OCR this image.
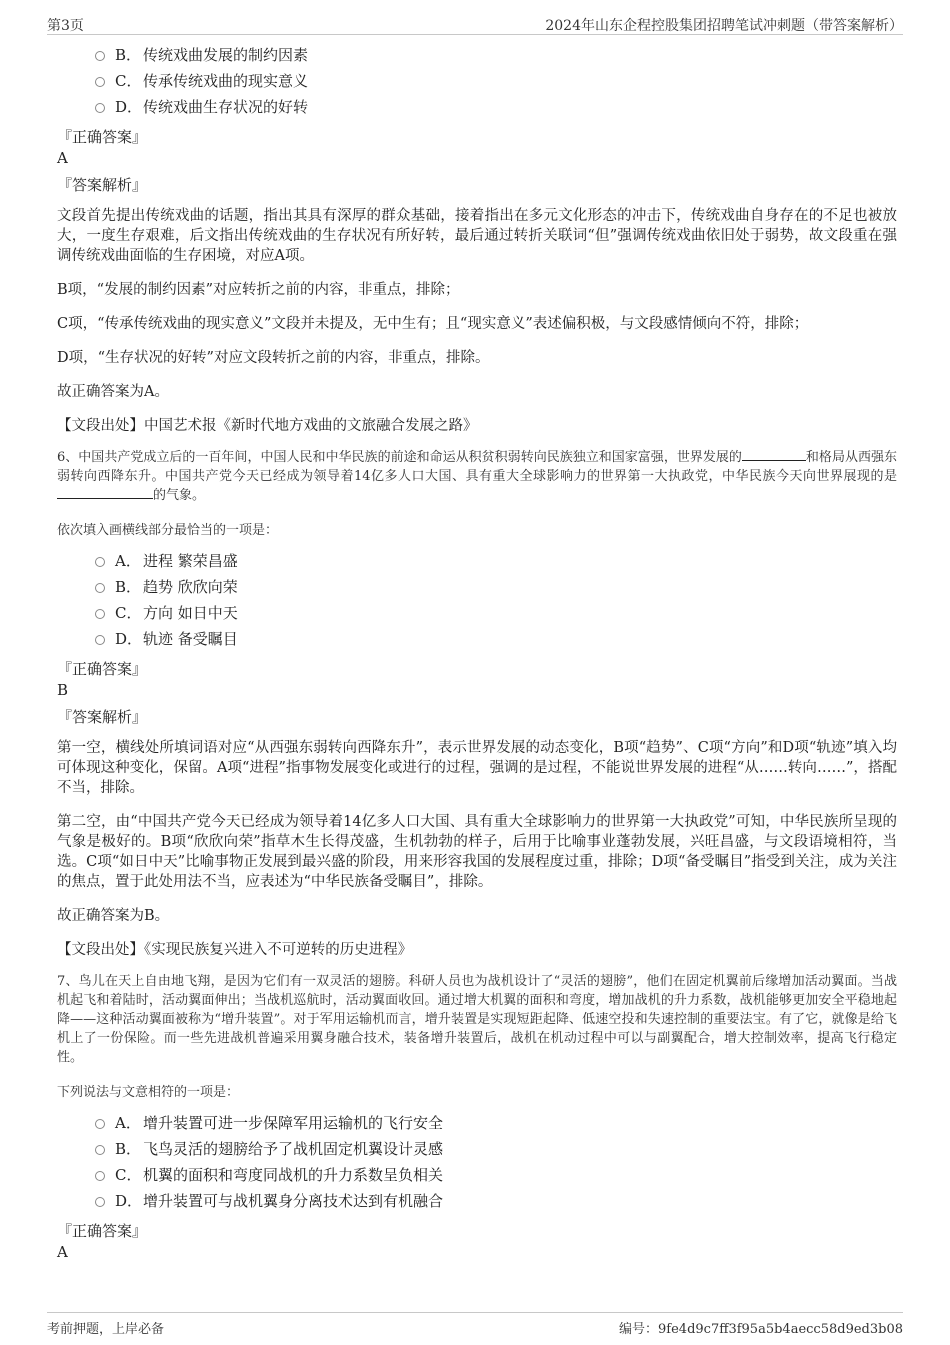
第3页	2024年山东企程控股集团招聘笔试冲刺题（带答案解析）
B． 传统戏曲发展的制约因素
C． 传承传统戏曲的现实意义
D．传统戏曲生存状况的好转
『正确答案』
A
『答案解析』

文段首先提出传统戏曲的话题，指出其具有深厚的群众基础，接着指出在多元文化形态的冲击下，传统戏曲自身存在的不足也被放大，一度生存艰难，后文指出传统戏曲的生存状况有所好转，最后通过转折关联词“但”强调传统戏曲依旧处于弱势，故文段重在强调传统戏曲面临的生存困境，对应A项。

B项，“发展的制约因素”对应转折之前的内容，非重点，排除；

C项，“传承传统戏曲的现实意义”文段并未提及，无中生有；且“现实意义”表述偏积极，与文段感情倾向不符，排除；

D项，“生存状况的好转”对应文段转折之前的内容，非重点，排除。

故正确答案为A。

【文段出处】中国艺术报《新时代地方戏曲的文旅融合发展之路》

6、中国共产党成立后的一百年间，中国人民和中华民族的前途和命运从积贫积弱转向民族独立和国家富强，世界发展的	和格局从西强东弱转向西降东升。中国共产党今天已经成为领导着14亿多人口大国、具有重大全球影响力的世界第一大执政党，中华民族今天向世界展现的是的气象。
依次填入画横线部分最恰当的一项是：
A． 进程 繁荣昌盛
B． 趋势 欣欣向荣
C． 方向 如日中天
D．轨迹 备受瞩目
『正确答案』
B
『答案解析』

第一空，横线处所填词语对应“从西强东弱转向西降东升”，表示世界发展的动态变化，B项“趋势”、C项“方向”和D项“轨迹”填入均可体现这种变化，保留。A项“进程”指事物发展变化或进行的过程，强调的是过程，不能说世界发展的进程“从……转向……”，搭配不当，排除。

第二空，由“中国共产党今天已经成为领导着14亿多人口大国、具有重大全球影响力的世界第一大执政党”可知，中华民族所呈现的气象是极好的。B项“欣欣向荣”指草木生长得茂盛，生机勃勃的样子，后用于比喻事业蓬勃发展，兴旺昌盛，与文段语境相符，当选。C项“如日中天”比喻事物正发展到最兴盛的阶段，用来形容我国的发展程度过重，排除；D项“备受瞩目”指受到关注，成为关注的焦点，置于此处用法不当，应表述为“中华民族备受瞩目”，排除。

故正确答案为B。

【文段出处】《实现民族复兴进入不可逆转的历史进程》

7、鸟儿在天上自由地飞翔，是因为它们有一双灵活的翅膀。科研人员也为战机设计了“灵活的翅膀”，他们在固定机翼前后缘增加活动翼面。当战机起飞和着陆时，活动翼面伸出；当战机巡航时，活动翼面收回。通过增大机翼的面积和弯度，增加战机的升力系数，战机能够更加安全平稳地起降——这种活动翼面被称为“增升装置”。对于军用运输机而言，增升装置是实现短距起降、低速空投和失速控制的重要法宝。有了它，就像是给飞机上了一份保险。而一些先进战机普遍采用翼身融合技术，装备增升装置后，战机在机动过程中可以与副翼配合，增大控制效率，提高飞行稳定性。
下列说法与文意相符的一项是：
A． 增升装置可进一步保障军用运输机的飞行安全
B． 飞鸟灵活的翅膀给予了战机固定机翼设计灵感
C． 机翼的面积和弯度同战机的升力系数呈负相关
D．增升装置可与战机翼身分离技术达到有机融合
『正确答案』
A
考前押题，上岸必备	编号：9fe4d9c7ff3f95a5b4aecc58d9ed3b08
